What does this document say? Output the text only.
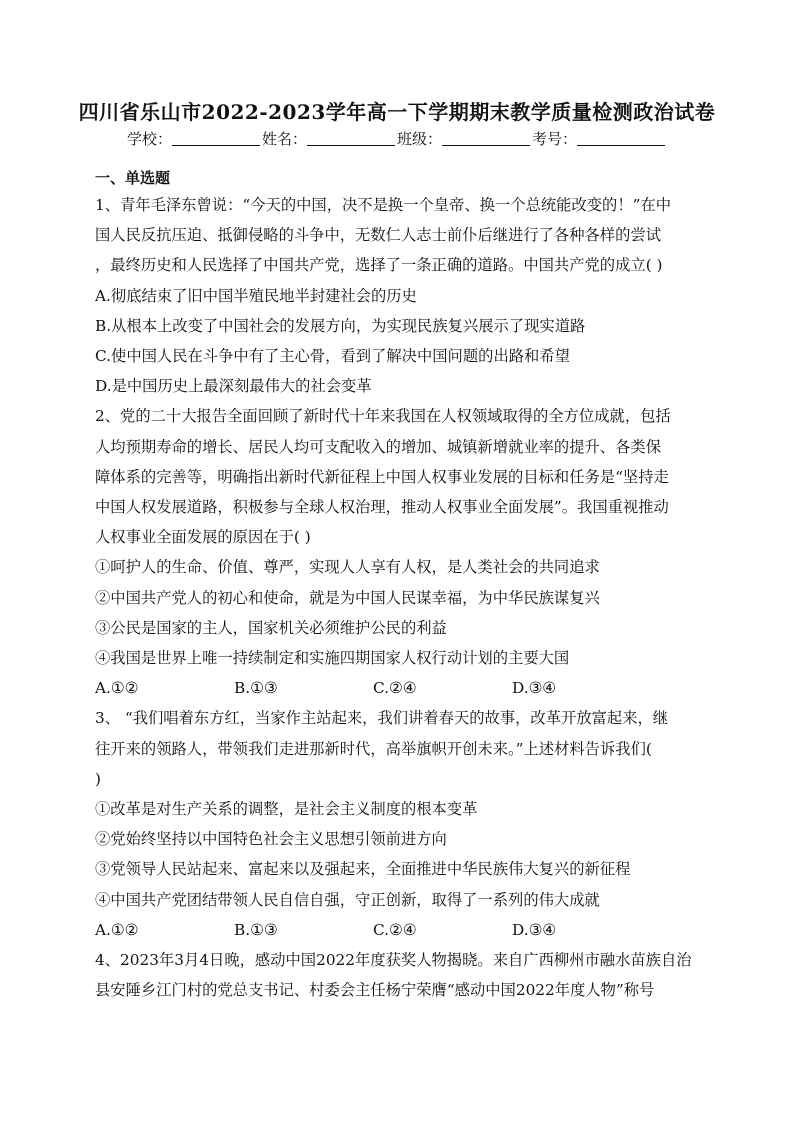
四川省乐山市2022-2023学年高一下学期期末教学质量检测政治试卷
学校：	姓名：	班级：	考号：
一、单选题
1、青年毛泽东曾说：“今天的中国，决不是换一个皇帝、换一个总统能改变的！”在中
国人民反抗压迫、抵御侵略的斗争中，无数仁人志士前仆后继进行了各种各样的尝试
，最终历史和人民选择了中国共产党，选择了一条正确的道路。中国共产党的成立( )
A.彻底结束了旧中国半殖民地半封建社会的历史
B.从根本上改变了中国社会的发展方向，为实现民族复兴展示了现实道路
C.使中国人民在斗争中有了主心骨，看到了解决中国问题的出路和希望
D.是中国历史上最深刻最伟大的社会变革
2、党的二十大报告全面回顾了新时代十年来我国在人权领域取得的全方位成就，包括
人均预期寿命的增长、居民人均可支配收入的增加、城镇新增就业率的提升、各类保
障体系的完善等，明确指出新时代新征程上中国人权事业发展的目标和任务是“坚持走
中国人权发展道路，积极参与全球人权治理，推动人权事业全面发展”。我国重视推动
人权事业全面发展的原因在于( )
①呵护人的生命、价值、尊严，实现人人享有人权，是人类社会的共同追求
②中国共产党人的初心和使命，就是为中国人民谋幸福，为中华民族谋复兴
③公民是国家的主人，国家机关必须维护公民的利益
④我国是世界上唯一持续制定和实施四期国家人权行动计划的主要大国
A.①②	B.①③	C.②④	D.③④
3、 “我们唱着东方红，当家作主站起来，我们讲着春天的故事，改革开放富起来，继
往开来的领路人，带领我们走进那新时代，高举旗帜开创未来。”上述材料告诉我们(
)
①改革是对生产关系的调整，是社会主义制度的根本变革
②党始终坚持以中国特色社会主义思想引领前进方向
③党领导人民站起来、富起来以及强起来，全面推进中华民族伟大复兴的新征程
④中国共产党团结带领人民自信自强，守正创新，取得了一系列的伟大成就
A.①②	B.①③	C.②④	D.③④
4、2023年3月4日晚，感动中国2022年度获奖人物揭晓。来自广西柳州市融水苗族自治
县安陲乡江门村的党总支书记、村委会主任杨宁荣膺“感动中国2022年度人物”称号
